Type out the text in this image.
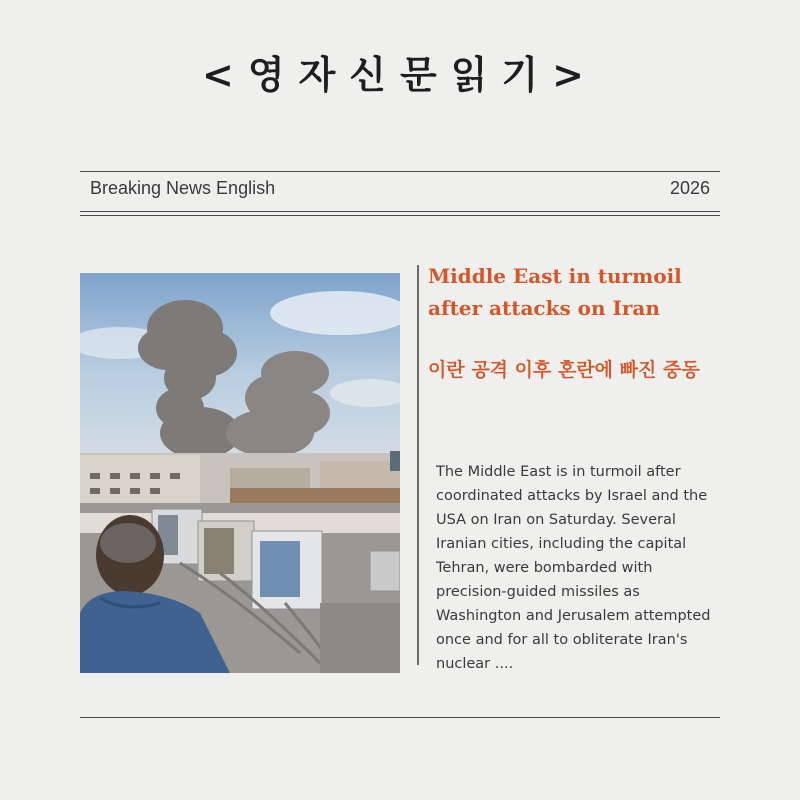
<영자신문읽기>
Breaking News English	2026
Middle East in turmoil after attacks on Iran
이란 공격 이후 혼란에 빠진 중동
The Middle East is in turmoil after coordinated attacks by Israel and the USA on Iran on Saturday. Several Iranian cities, including the capital Tehran, were bombarded with precision-guided missiles as Washington and Jerusalem attempted once and for all to obliterate Iran's nuclear ....
